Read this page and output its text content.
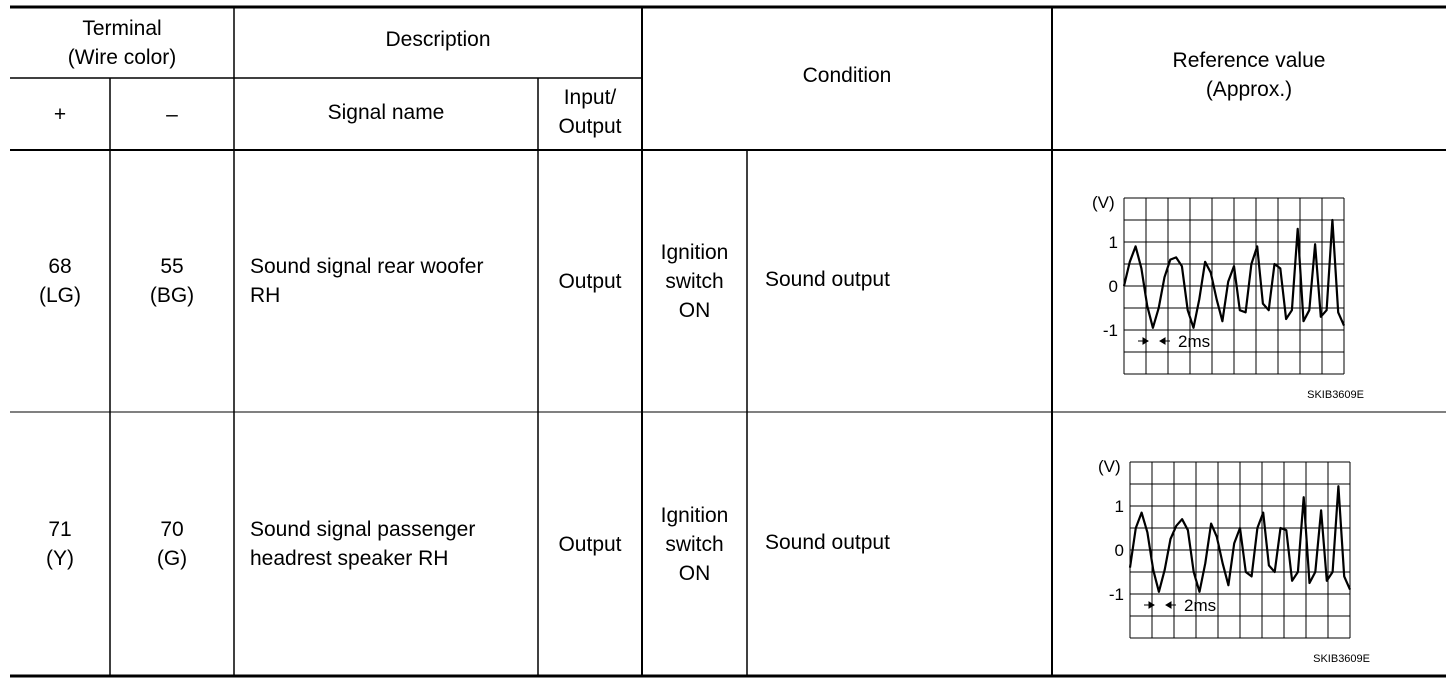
Terminal
(Wire color)
Description
+	–	Signal name
Input/
Output
Condition
Reference value
(Approx.)
68
(LG)
55
(BG)
Sound signal rear woofer
RH
Output
Ignition
switch
ON
Sound output
(V)
1
0
-1
2ms
SKIB3609E
71
(Y)
70
(G)
Sound signal passenger
headrest speaker RH
Output
Ignition
switch
ON
Sound output
(V)
1
0
-1
2ms
SKIB3609E
